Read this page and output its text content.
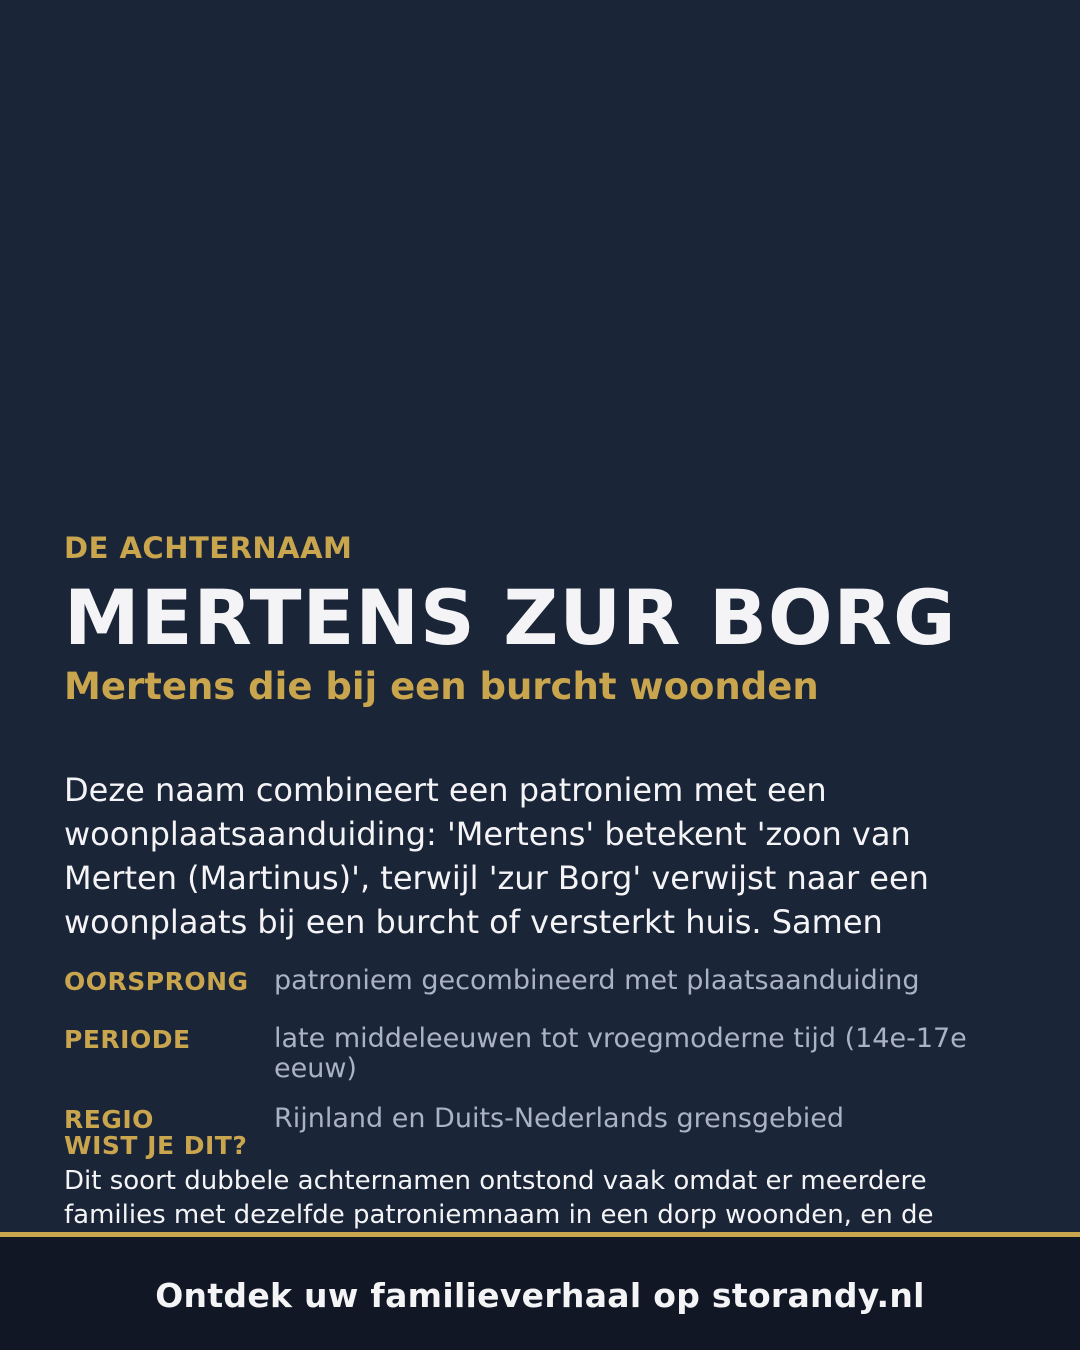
DE ACHTERNAAM
MERTENS ZUR BORG
Mertens die bij een burcht woonden

Deze naam combineert een patroniem met een woonplaatsaanduiding: 'Mertens' betekent 'zoon van Merten (Martinus)', terwijl 'zur Borg' verwijst naar een woonplaats bij een burcht of versterkt huis. Samen

OORSPRONG patroniem gecombineerd met plaatsaanduiding
PERIODE	late middeleeuwen tot vroegmoderne tijd (14e-17e eeuw)
REGIO	Rijnland en Duits-Nederlands grensgebied
WIST JE DIT?

Dit soort dubbele achternamen ontstond vaak omdat er meerdere families met dezelfde patroniemnaam in een dorp woonden, en de

Ontdek uw familieverhaal op storandy.nl
